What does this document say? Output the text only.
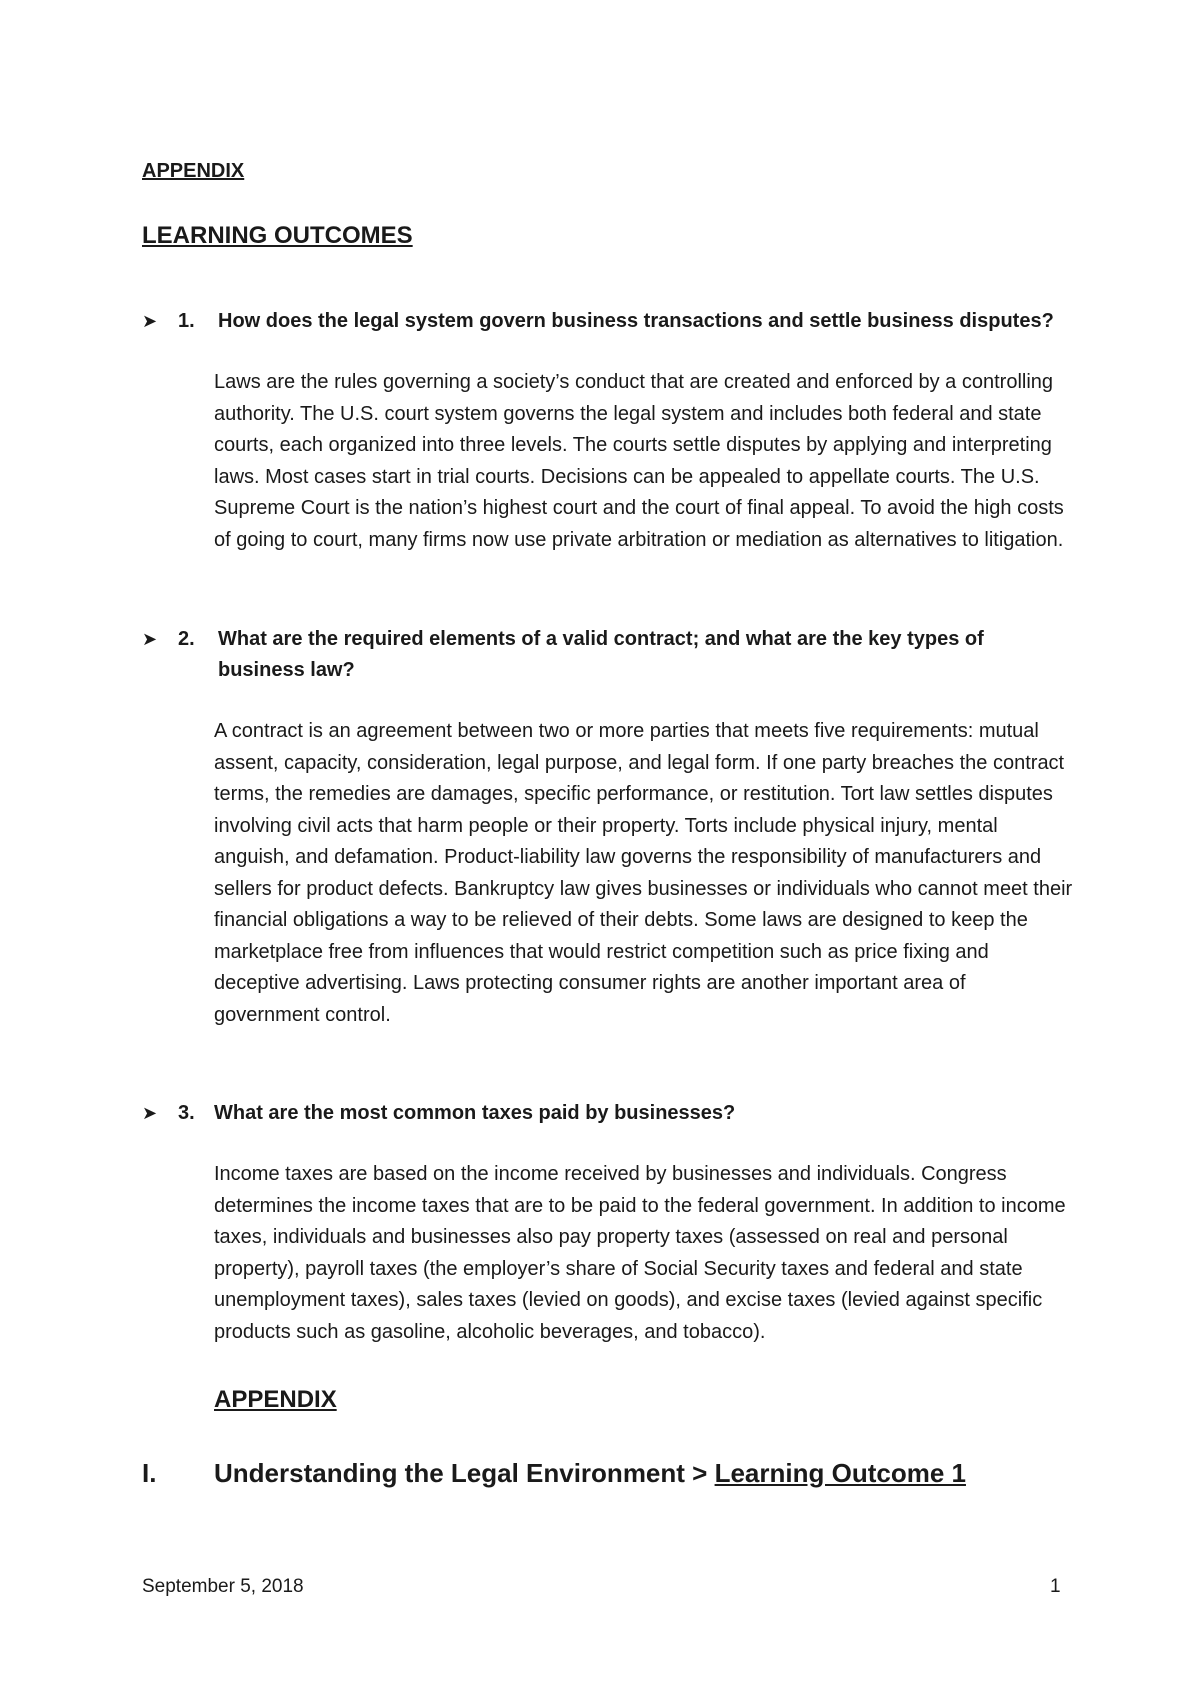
APPENDIX
LEARNING OUTCOMES
➤ 1. How does the legal system govern business transactions and settle business disputes?
Laws are the rules governing a society’s conduct that are created and enforced by a controlling authority. The U.S. court system governs the legal system and includes both federal and state courts, each organized into three levels. The courts settle disputes by applying and interpreting laws. Most cases start in trial courts. Decisions can be appealed to appellate courts. The U.S. Supreme Court is the nation’s highest court and the court of final appeal. To avoid the high costs of going to court, many firms now use private arbitration or mediation as alternatives to litigation.
➤ 2. What are the required elements of a valid contract; and what are the key types of business law?
A contract is an agreement between two or more parties that meets five requirements: mutual assent, capacity, consideration, legal purpose, and legal form. If one party breaches the contract terms, the remedies are damages, specific performance, or restitution. Tort law settles disputes involving civil acts that harm people or their property. Torts include physical injury, mental anguish, and defamation. Product-liability law governs the responsibility of manufacturers and sellers for product defects. Bankruptcy law gives businesses or individuals who cannot meet their financial obligations a way to be relieved of their debts. Some laws are designed to keep the marketplace free from influences that would restrict competition such as price fixing and deceptive advertising. Laws protecting consumer rights are another important area of government control.
➤ 3. What are the most common taxes paid by businesses?
Income taxes are based on the income received by businesses and individuals. Congress determines the income taxes that are to be paid to the federal government. In addition to income taxes, individuals and businesses also pay property taxes (assessed on real and personal property), payroll taxes (the employer’s share of Social Security taxes and federal and state unemployment taxes), sales taxes (levied on goods), and excise taxes (levied against specific products such as gasoline, alcoholic beverages, and tobacco).
APPENDIX
I. Understanding the Legal Environment > Learning Outcome 1
September 5, 2018	1
